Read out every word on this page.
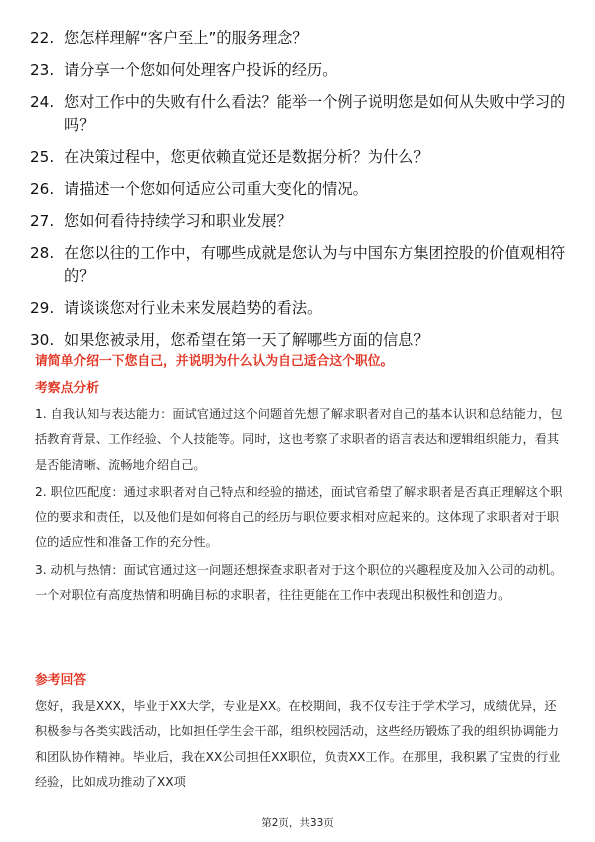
22. 您怎样理解“客户至上”的服务理念？
23. 请分享一个您如何处理客户投诉的经历。
24. 您对工作中的失败有什么看法？能举一个例子说明您是如何从失败中学习的吗？
25. 在决策过程中，您更依赖直觉还是数据分析？为什么？
26. 请描述一个您如何适应公司重大变化的情况。
27. 您如何看待持续学习和职业发展？
28. 在您以往的工作中，有哪些成就是您认为与中国东方集团控股的价值观相符的？
29. 请谈谈您对行业未来发展趋势的看法。
30. 如果您被录用，您希望在第一天了解哪些方面的信息？
请简单介绍一下您自己，并说明为什么认为自己适合这个职位。
考察点分析

1. 自我认知与表达能力：面试官通过这个问题首先想了解求职者对自己的基本认识和总结能力，包括教育背景、工作经验、个人技能等。同时，这也考察了求职者的语言表达和逻辑组织能力，看其是否能清晰、流畅地介绍自己。

2. 职位匹配度：通过求职者对自己特点和经验的描述，面试官希望了解求职者是否真正理解这个职位的要求和责任，以及他们是如何将自己的经历与职位要求相对应起来的。这体现了求职者对于职位的适应性和准备工作的充分性。

3. 动机与热情：面试官通过这一问题还想探查求职者对于这个职位的兴趣程度及加入公司的动机。一个对职位有高度热情和明确目标的求职者，往往更能在工作中表现出积极性和创造力。

参考回答

您好，我是XXX，毕业于XX大学，专业是XX。在校期间，我不仅专注于学术学习，成绩优异，还积极参与各类实践活动，比如担任学生会干部，组织校园活动，这些经历锻炼了我的组织协调能力和团队协作精神。毕业后，我在XX公司担任XX职位，负责XX工作。在那里，我积累了宝贵的行业经验，比如成功推动了XX项

第2页，共33页
